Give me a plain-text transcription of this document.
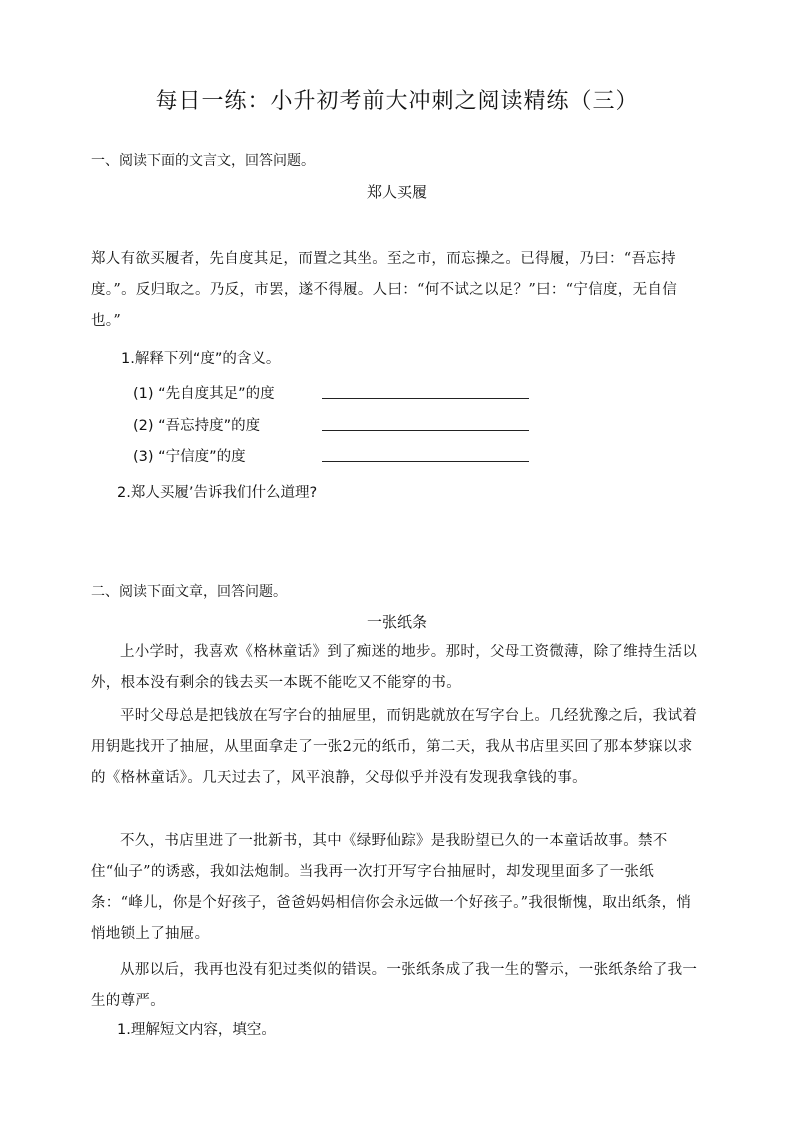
每日一练：小升初考前大冲刺之阅读精练（三）
一、阅读下面的文言文，回答问题。
郑人买履
郑人有欲买履者，先自度其足，而置之其坐。至之市，而忘操之。已得履，乃曰：“吾忘持度。”。反归取之。乃反，市罢，遂不得履。人曰：“何不试之以足？”曰：“宁信度，无自信也。”
1.解释下列“度”的含义。
(1) “先自度其足”的度
(2) “吾忘持度”的度
(3) “宁信度”的度
2.郑人买履’告诉我们什么道理?
二、阅读下面文章，回答问题。
一张纸条
上小学时，我喜欢《格林童话》到了痴迷的地步。那时，父母工资微薄，除了维持生活以外，根本没有剩余的钱去买一本既不能吃又不能穿的书。
平时父母总是把钱放在写字台的抽屉里，而钥匙就放在写字台上。几经犹豫之后，我试着用钥匙找开了抽屉，从里面拿走了一张2元的纸币，第二天，我从书店里买回了那本梦寐以求的《格林童话》。几天过去了，风平浪静，父母似乎并没有发现我拿钱的事。
不久，书店里进了一批新书，其中《绿野仙踪》是我盼望已久的一本童话故事。禁不住“仙子”的诱惑，我如法炮制。当我再一次打开写字台抽屉时，却发现里面多了一张纸条：“峰儿，你是个好孩子，爸爸妈妈相信你会永远做一个好孩子。”我很惭愧，取出纸条，悄悄地锁上了抽屉。
从那以后，我再也没有犯过类似的错误。一张纸条成了我一生的警示，一张纸条给了我一生的尊严。
1.理解短文内容，填空。
